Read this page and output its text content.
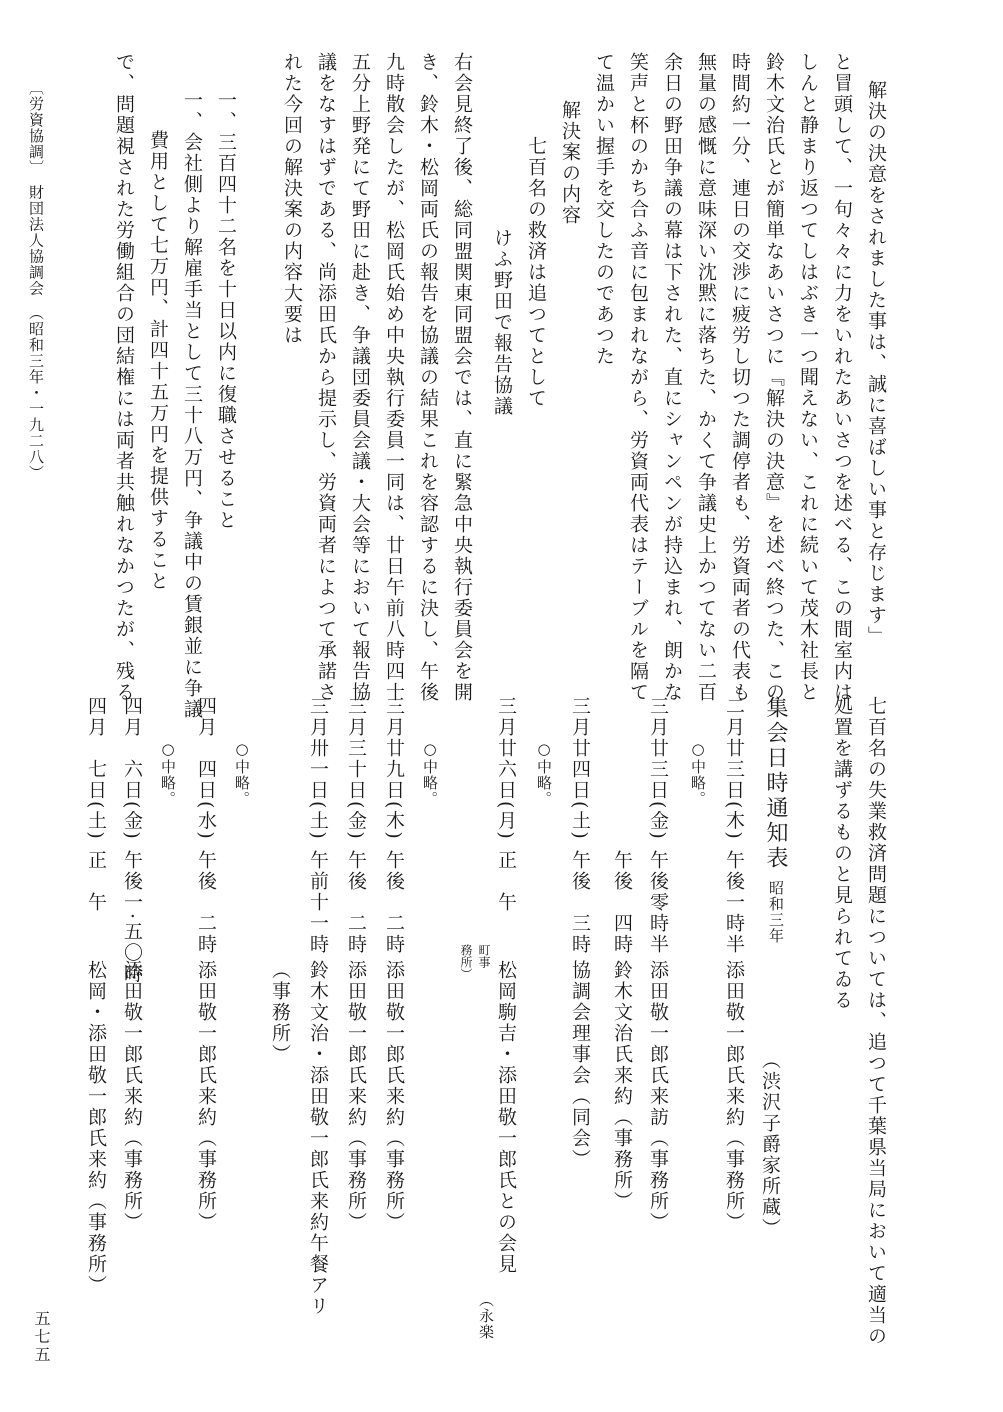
解決の決意をされました事は、誠に喜ばしい事と存じます」
と冒頭して、一句々々に力をいれたあいさつを述べる、この間室内は
しんと静まり返つてしはぶき一つ聞えない、これに続いて茂木社長と
鈴木文治氏とが簡単なあいさつに『解決の決意』を述べ終つた、この
時間約一分、連日の交渉に疲労し切つた調停者も、労資両者の代表も
無量の感慨に意味深い沈黙に落ちた、かくて争議史上かつてない二百
余日の野田争議の幕は下された、直にシャンペンが持込まれ、朗かな
笑声と杯のかち合ふ音に包まれながら、労資両代表はテーブルを隔て
て温かい握手を交したのであつた
解決案の内容
七百名の救済は追つてとして
けふ野田で報告協議
右会見終了後、総同盟関東同盟会では、直に緊急中央執行委員会を開
き、鈴木・松岡両氏の報告を協議の結果これを容認するに決し、午後
九時散会したが、松岡氏始め中央執行委員一同は、廿日午前八時四十
五分上野発にて野田に赴き、争議団委員会議・大会等において報告協
議をなすはずである、尚添田氏から提示し、労資両者によつて承諾さ
れた今回の解決案の内容大要は
一、三百四十二名を十日以内に復職させること
一、会社側より解雇手当として三十八万円、争議中の賃銀並に争議
費用として七万円、計四十五万円を提供すること
で、問題視された労働組合の団結権には両者共触れなかつたが、残る
〔労資協調〕　財団法人協調会　（昭和三年・一九二八）
七百名の失業救済問題については、追つて千葉県当局において適当の
処置を講ずるものと見られてゐる
集会日時通知表
昭和三年
（渋沢子爵家所蔵）
二月廿三日(木)
午後一時半
添田敬一郎氏来約（事務所）
○中略。
三月廿三日(金)
午後零時半
添田敬一郎氏来訪（事務所）
午後　四時
鈴木文治氏来約（事務所）
三月廿四日(土)
午後　三時
協調会理事会（同会）
○中略。
三月廿六日(月)
正　午
松岡駒吉・添田敬一郎氏との会見
町事
務所）
（永楽
○中略。
三月廿九日(木)
午後　二時
添田敬一郎氏来約（事務所）
三月三十日(金)
午後　二時
添田敬一郎氏来約（事務所）
三月卅一日(土)
午前十一時
鈴木文治・添田敬一郎氏来約午餐アリ
（事務所）
○中略。
四月　四日(水)
午後　二時
添田敬一郎氏来約（事務所）
○中略。
四月　六日(金)
午後一·五〇時
添田敬一郎氏来約（事務所）
四月　七日(土)
正　午
松岡・添田敬一郎氏来約（事務所）
五七五
